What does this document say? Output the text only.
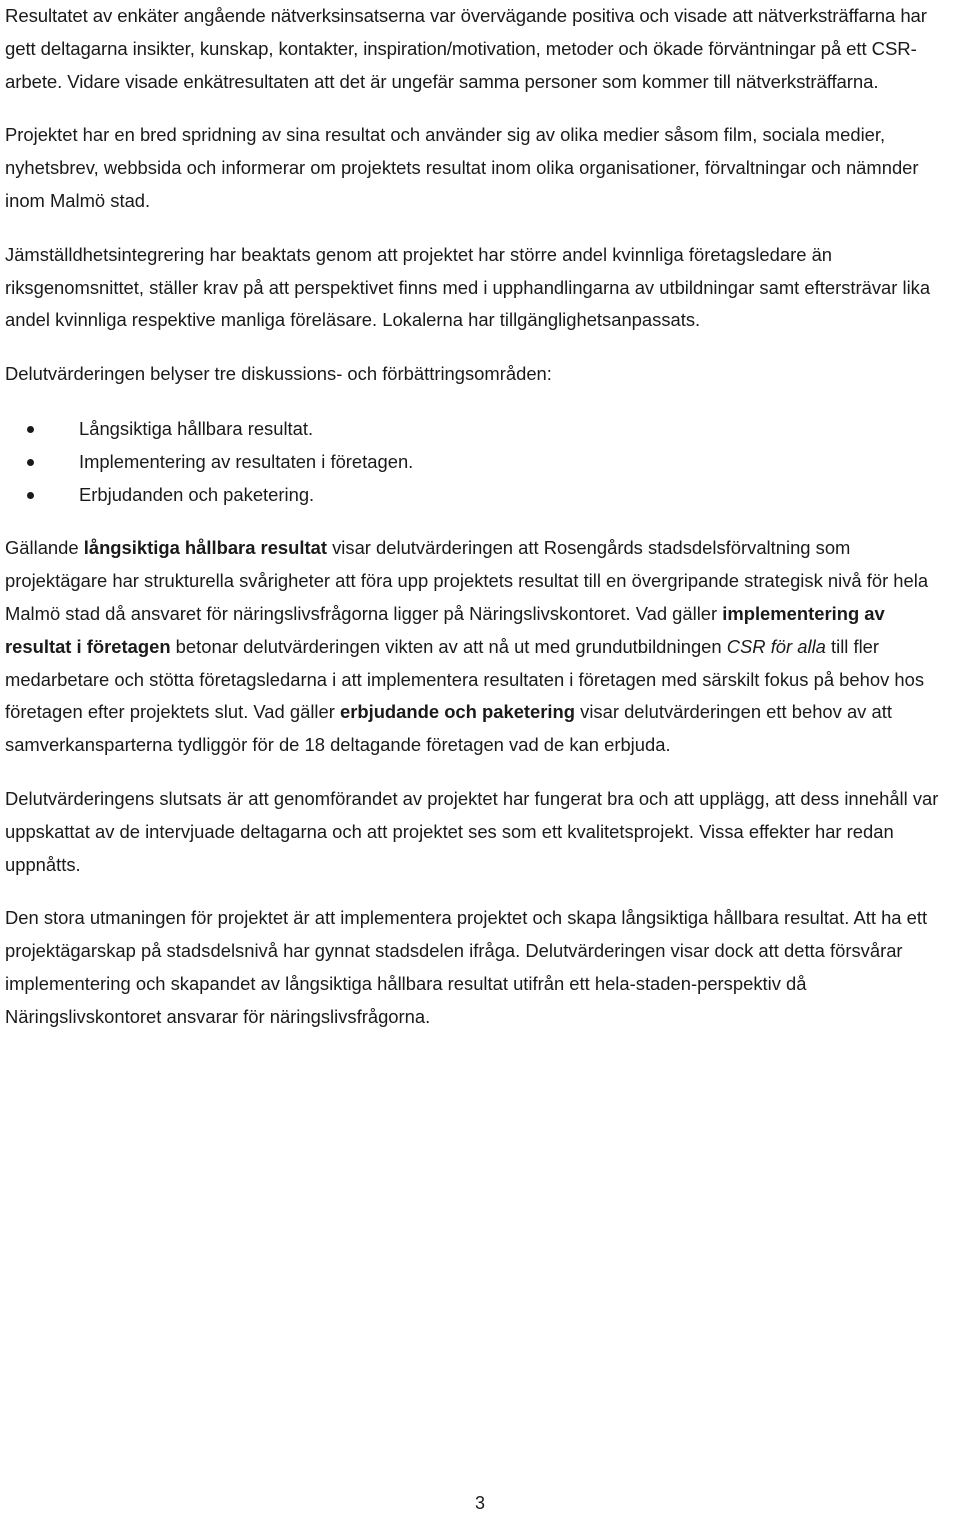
Resultatet av enkäter angående nätverksinsatserna var övervägande positiva och visade att nätverksträffarna har gett deltagarna insikter, kunskap, kontakter, inspiration/motivation, metoder och ökade förväntningar på ett CSR-arbete. Vidare visade enkätresultaten att det är ungefär samma personer som kommer till nätverksträffarna.

Projektet har en bred spridning av sina resultat och använder sig av olika medier såsom film, sociala medier, nyhetsbrev, webbsida och informerar om projektets resultat inom olika organisationer, förvaltningar och nämnder inom Malmö stad.

Jämställdhetsintegrering har beaktats genom att projektet har större andel kvinnliga företagsledare än riksgenomsnittet, ställer krav på att perspektivet finns med i upphandlingarna av utbildningar samt eftersträvar lika andel kvinnliga respektive manliga föreläsare. Lokalerna har tillgänglighetsanpassats.

Delutvärderingen belyser tre diskussions- och förbättringsområden:

Långsiktiga hållbara resultat.
Implementering av resultaten i företagen.
Erbjudanden och paketering.

Gällande långsiktiga hållbara resultat visar delutvärderingen att Rosengårds stadsdelsförvaltning som projektägare har strukturella svårigheter att föra upp projektets resultat till en övergripande strategisk nivå för hela Malmö stad då ansvaret för näringslivsfrågorna ligger på Näringslivskontoret. Vad gäller implementering av resultat i företagen betonar delutvärderingen vikten av att nå ut med grundutbildningen CSR för alla till fler medarbetare och stötta företagsledarna i att implementera resultaten i företagen med särskilt fokus på behov hos företagen efter projektets slut. Vad gäller erbjudande och paketering visar delutvärderingen ett behov av att samverkansparterna tydliggör för de 18 deltagande företagen vad de kan erbjuda.

Delutvärderingens slutsats är att genomförandet av projektet har fungerat bra och att upplägg, att dess innehåll var uppskattat av de intervjuade deltagarna och att projektet ses som ett kvalitetsprojekt. Vissa effekter har redan uppnåtts.

Den stora utmaningen för projektet är att implementera projektet och skapa långsiktiga hållbara resultat. Att ha ett projektägarskap på stadsdelsnivå har gynnat stadsdelen ifråga. Delutvärderingen visar dock att detta försvårar implementering och skapandet av långsiktiga hållbara resultat utifrån ett hela-staden-perspektiv då Näringslivskontoret ansvarar för näringslivsfrågorna.

3
